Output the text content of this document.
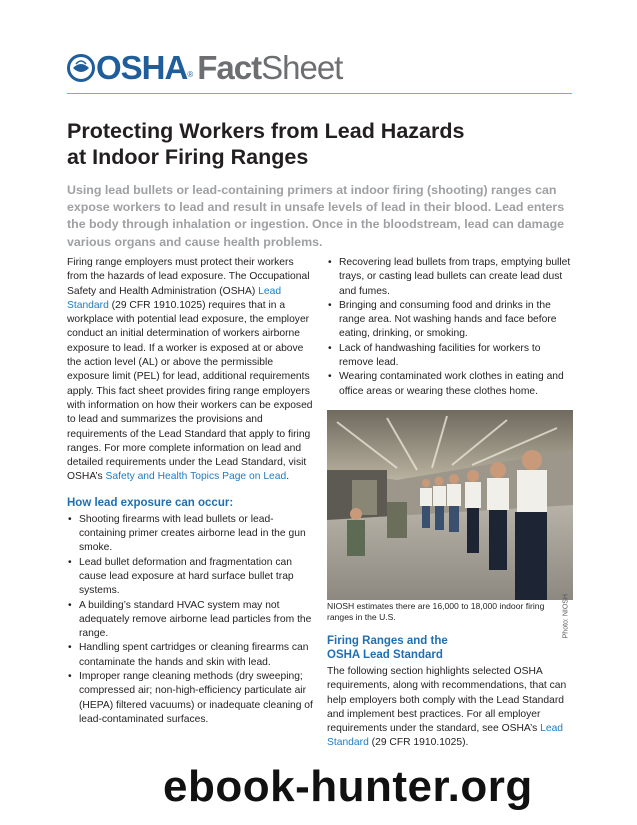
OSHA ® Fact Sheet
Protecting Workers from Lead Hazards
at Indoor Firing Ranges

Using lead bullets or lead-containing primers at indoor firing (shooting) ranges can expose workers to lead and result in unsafe levels of lead in their blood. Lead enters the body through inhalation or ingestion. Once in the bloodstream, lead can damage various organs and cause health problems.

Firing range employers must protect their workers from the hazards of lead exposure. The Occupational Safety and Health Administration (OSHA) Lead Standard (29 CFR 1910.1025) requires that in a workplace with potential lead exposure, the employer conduct an initial determination of workers airborne exposure to lead. If a worker is exposed at or above the action level (AL) or above the permissible exposure limit (PEL) for lead, additional requirements apply. This fact sheet provides firing range employers with information on how their workers can be exposed to lead and summarizes the provisions and requirements of the Lead Standard that apply to firing ranges. For more complete information on lead and detailed requirements under the Lead Standard, visit OSHA’s Safety and Health Topics Page on Lead.

How lead exposure can occur:
• Shooting firearms with lead bullets or lead-containing primer creates airborne lead in the gun smoke.
• Lead bullet deformation and fragmentation can cause lead exposure at hard surface bullet trap systems.
• A building’s standard HVAC system may not adequately remove airborne lead particles from the range.
• Handling spent cartridges or cleaning firearms can contaminate the hands and skin with lead.
• Improper range cleaning methods (dry sweeping; compressed air; non-high-efficiency particulate air (HEPA) filtered vacuums) or inadequate cleaning of lead-contaminated surfaces.
• Recovering lead bullets from traps, emptying bullet trays, or casting lead bullets can create lead dust and fumes.
• Bringing and consuming food and drinks in the range area. Not washing hands and face before eating, drinking, or smoking.
• Lack of handwashing facilities for workers to remove lead.
• Wearing contaminated work clothes in eating and office areas or wearing these clothes home.
Photo: NIOSH

NIOSH estimates there are 16,000 to 18,000 indoor firing ranges in the U.S.

Firing Ranges and the
OSHA Lead Standard

The following section highlights selected OSHA requirements, along with recommendations, that can help employers both comply with the Lead Standard and implement best practices. For all employer requirements under the standard, see OSHA’s Lead Standard (29 CFR 1910.1025).

ebook-hunter.org
